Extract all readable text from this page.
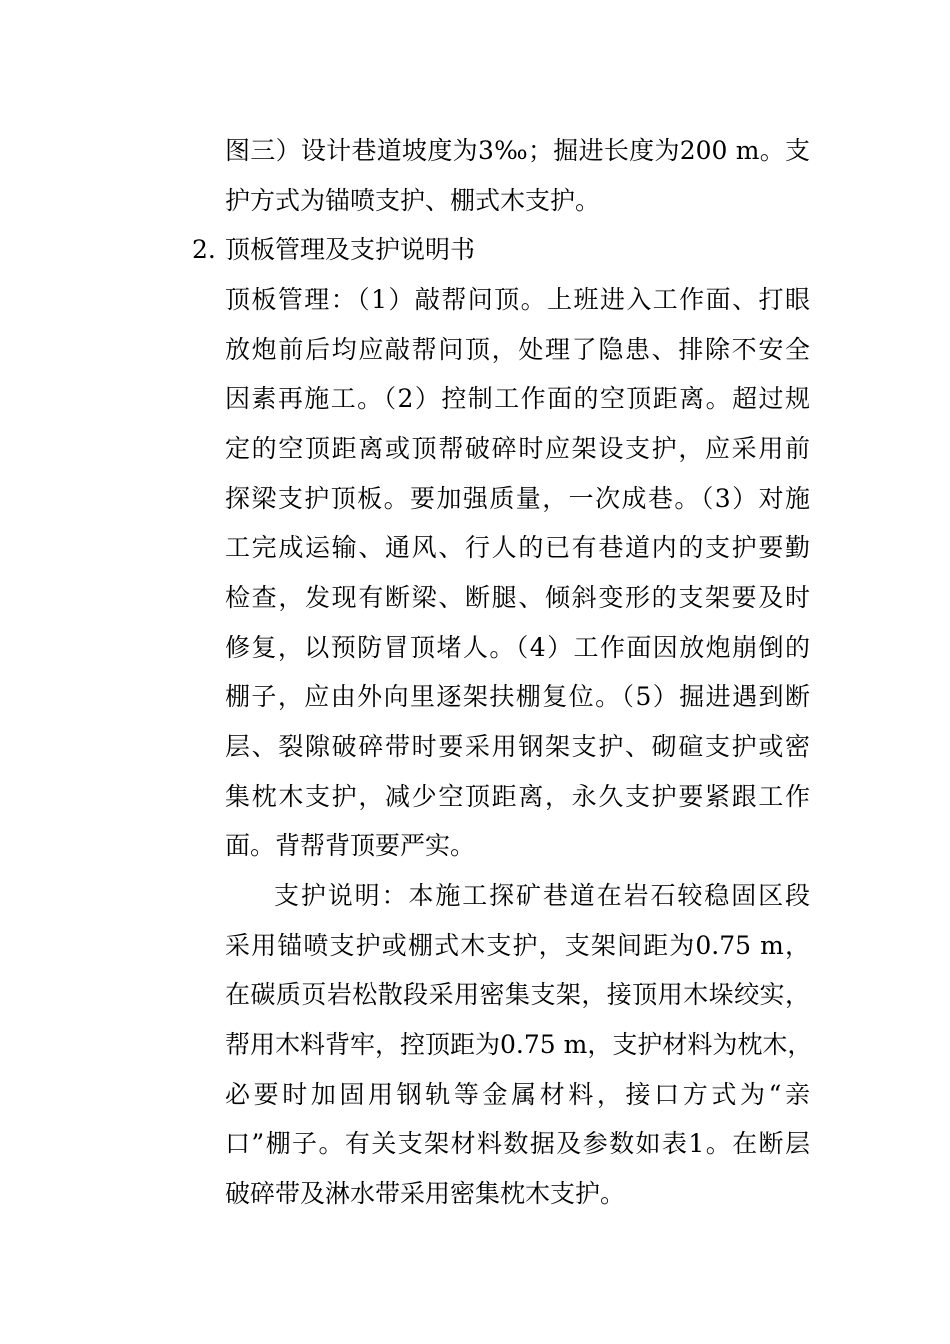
图三）设计巷道坡度为3‰；掘进长度为200 m。支
护方式为锚喷支护、棚式木支护。
2. 顶板管理及支护说明书
顶板管理：（1）敲帮问顶。上班进入工作面、打眼
放炮前后均应敲帮问顶，处理了隐患、排除不安全
因素再施工。（2）控制工作面的空顶距离。超过规
定的空顶距离或顶帮破碎时应架设支护，应采用前
探梁支护顶板。要加强质量，一次成巷。（3）对施
工完成运输、通风、行人的已有巷道内的支护要勤
检查，发现有断梁、断腿、倾斜变形的支架要及时
修复，以预防冒顶堵人。（4）工作面因放炮崩倒的
棚子，应由外向里逐架扶棚复位。（5）掘进遇到断
层、裂隙破碎带时要采用钢架支护、砌碹支护或密
集枕木支护，减少空顶距离，永久支护要紧跟工作
面。背帮背顶要严实。
支护说明：本施工探矿巷道在岩石较稳固区段
采用锚喷支护或棚式木支护，支架间距为0.75 m，
在碳质页岩松散段采用密集支架，接顶用木垛绞实，
帮用木料背牢，控顶距为0.75 m，支护材料为枕木，
必要时加固用钢轨等金属材料，接口方式为“亲
口”棚子。有关支架材料数据及参数如表1。在断层
破碎带及淋水带采用密集枕木支护。
